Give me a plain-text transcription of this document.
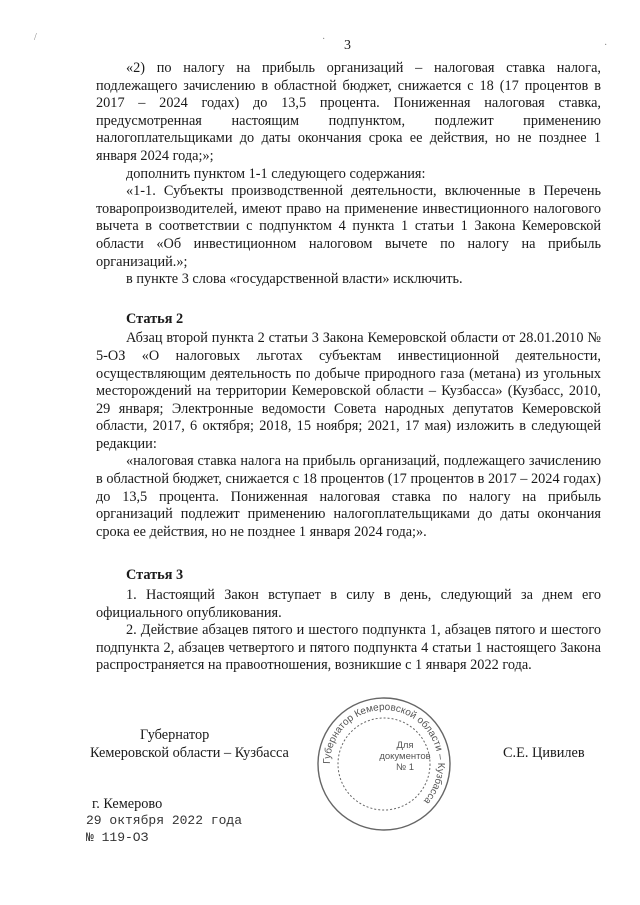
/
·
· 3

«2) по налогу на прибыль организаций – налоговая ставка налога, подлежащего зачислению в областной бюджет, снижается с 18 (17 процентов в 2017 – 2024 годах) до 13,5 процента. Пониженная налоговая ставка, предусмотренная настоящим подпунктом, подлежит применению налогоплательщиками до даты окончания срока ее действия, но не позднее 1 января 2024 года;»;

дополнить пунктом 1-1 следующего содержания:

«1-1. Субъекты производственной деятельности, включенные в Перечень товаропроизводителей, имеют право на применение инвестиционного налогового вычета в соответствии с подпунктом 4 пункта 1 статьи 1 Закона Кемеровской области «Об инвестиционном налоговом вычете по налогу на прибыль организаций.»;

в пункте 3 слова «государственной власти» исключить.

Статья 2

Абзац второй пункта 2 статьи 3 Закона Кемеровской области от 28.01.2010 № 5-ОЗ «О налоговых льготах субъектам инвестиционной деятельности, осуществляющим деятельность по добыче природного газа (метана) из угольных месторождений на территории Кемеровской области – Кузбасса» (Кузбасс, 2010, 29 января; Электронные ведомости Совета народных депутатов Кемеровской области, 2017, 6 октября; 2018, 15 ноября; 2021, 17 мая) изложить в следующей редакции:

«налоговая ставка налога на прибыль организаций, подлежащего зачислению в областной бюджет, снижается с 18 процентов (17 процентов в 2017 – 2024 годах) до 13,5 процента. Пониженная налоговая ставка по налогу на прибыль организаций подлежит применению налогоплательщиками до даты окончания срока ее действия, но не позднее 1 января 2024 года;».

Статья 3

1. Настоящий Закон вступает в силу в день, следующий за днем его официального опубликования.

2. Действие абзацев пятого и шестого подпункта 1, абзацев пятого и шестого подпункта 2, абзацев четвертого и пятого подпункта 4 статьи 1 настоящего Закона распространяется на правоотношения, возникшие с 1 января 2022 года.

Губернатор
Кемеровской области – Кузбасса	С.Е. Цивилев
Губернатор Кемеровской области – Кузбасса
Для
документов
№ 1
г. Кемерово
29 октября 2022 года
№ 119-ОЗ
